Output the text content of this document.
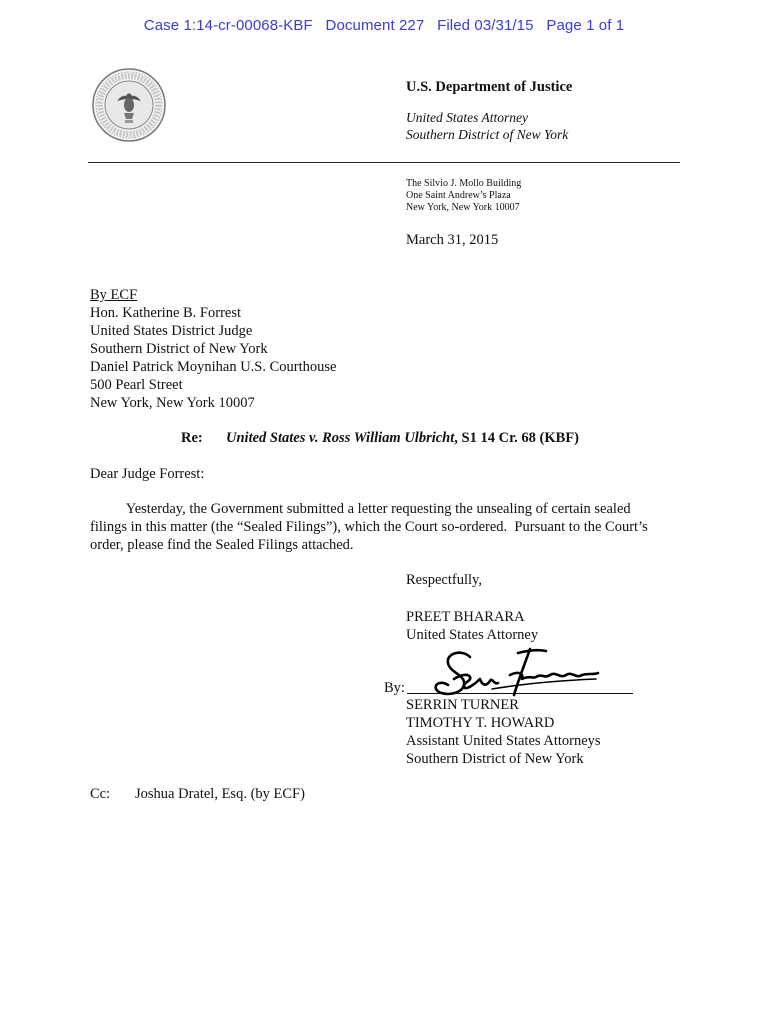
Case 1:14-cr-00068-KBF   Document 227   Filed 03/31/15   Page 1 of 1
U.S. Department of Justice
United States Attorney
Southern District of New York
The Silvio J. Mollo Building
One Saint Andrew’s Plaza
New York, New York 10007
March 31, 2015
By ECF
Hon. Katherine B. Forrest
United States District Judge
Southern District of New York
Daniel Patrick Moynihan U.S. Courthouse
500 Pearl Street
New York, New York 10007
Re: United States v. Ross William Ulbricht, S1 14 Cr. 68 (KBF)
Dear Judge Forrest:
Yesterday, the Government submitted a letter requesting the unsealing of certain sealed
filings in this matter (the “Sealed Filings”), which the Court so-ordered.  Pursuant to the Court’s
order, please find the Sealed Filings attached.
Respectfully,
PREET BHARARA
United States Attorney
By:
SERRIN TURNER
TIMOTHY T. HOWARD
Assistant United States Attorneys
Southern District of New York
Cc: Joshua Dratel, Esq. (by ECF)
